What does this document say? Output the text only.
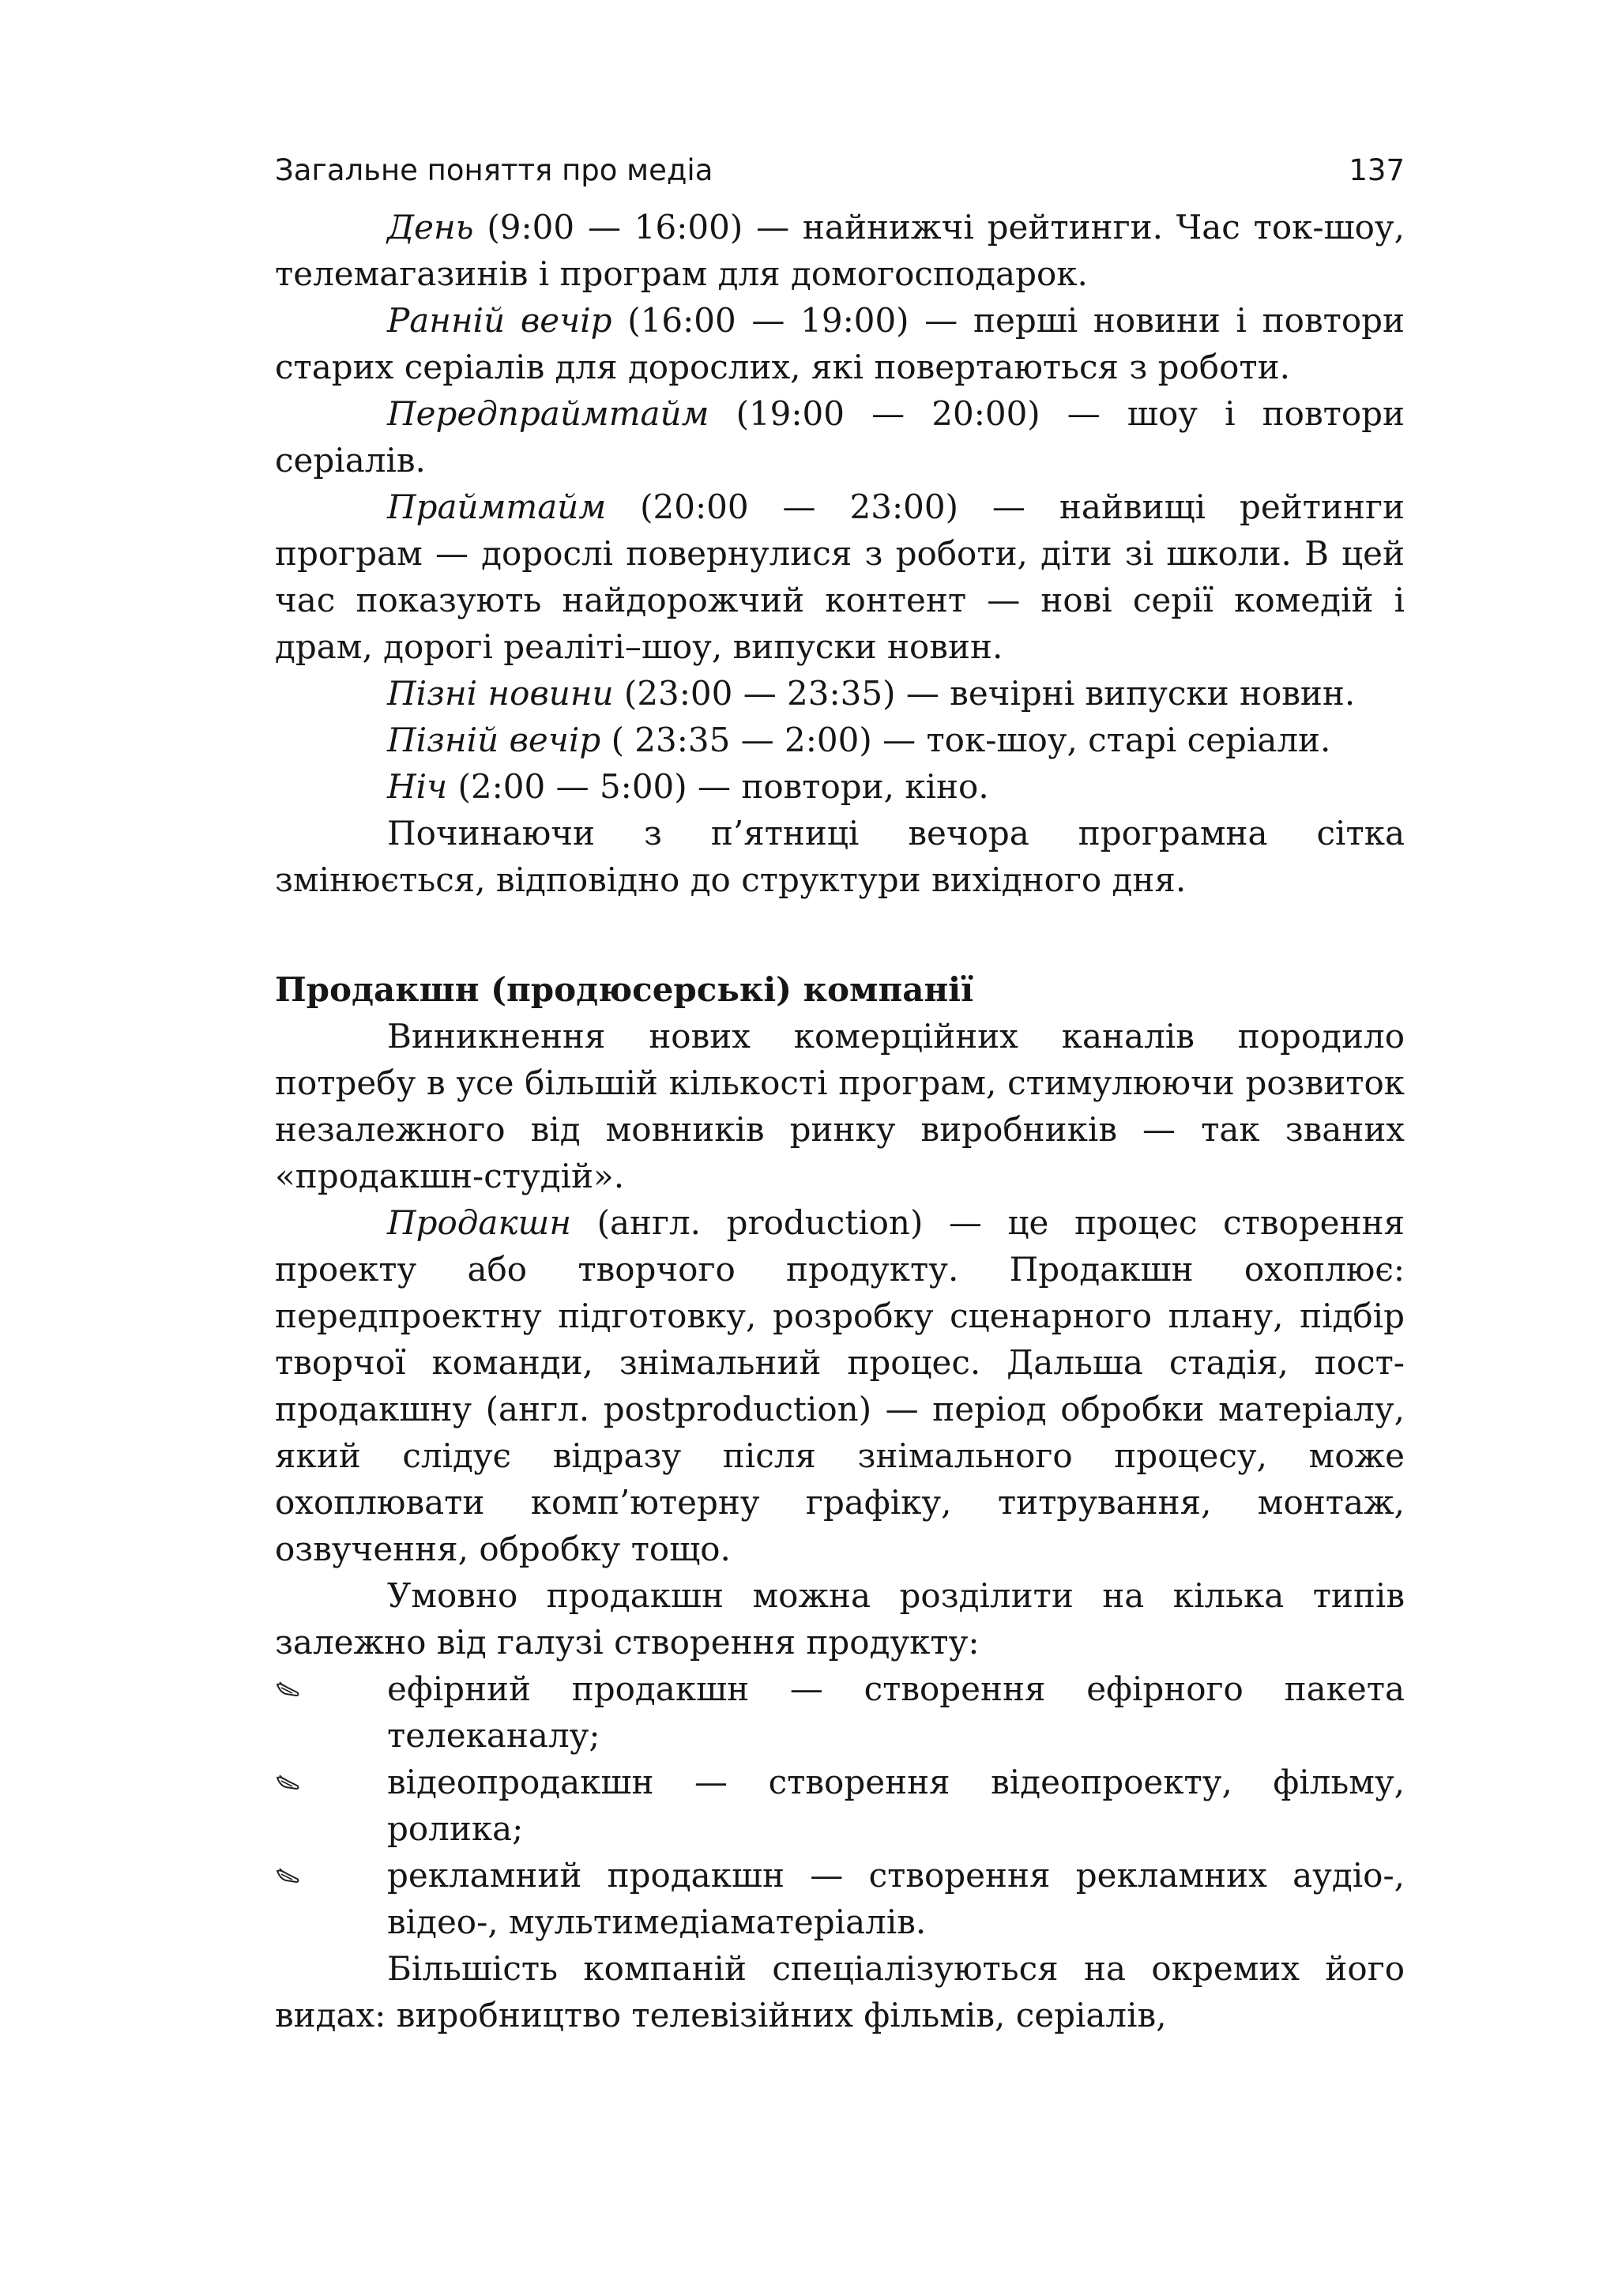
Загальне поняття про медіа	137

День (9:00 — 16:00) — найнижчі рейтинги. Час ток-шоу, телемагазинів і програм для домогосподарок.

Ранній вечір (16:00 — 19:00) — перші новини і повтори старих серіалів для дорослих, які повертаються з роботи.

Передпраймтайм (19:00 — 20:00) — шоу і повтори серіалів.

Праймтайм (20:00 — 23:00) — найвищі рейтинги програм — дорослі повернулися з роботи, діти зі школи. В цей час показують найдорожчий контент — нові серії комедій і драм, дорогі реаліті–шоу, випуски новин.

Пізні новини (23:00 — 23:35) — вечірні випуски новин.

Пізній вечір ( 23:35 — 2:00) — ток-шоу, старі серіали.

Ніч (2:00 — 5:00) — повтори, кіно.

Починаючи з п’ятниці вечора програмна сітка змінюється, відповідно до структури вихідного дня.

Продакшн (продюсерські) компанії

Виникнення нових комерційних каналів породило потребу в усе більшій кількості програм, стимулюючи розвиток незалежного від мовників ринку виробників — так званих «продакшн-студій».

Продакшн (англ. production) — це процес створення проекту або творчого продукту. Продакшн охоплює: передпроектну підготовку, розробку сценарного плану, підбір творчої команди, знімальний процес. Дальша стадія, пост-продакшну (англ. postproduction) — період обробки матеріалу, який слідує відразу після знімального процесу, може охоплювати комп’ютерну графіку, титрування, монтаж, озвучення, обробку тощо.

Умовно продакшн можна розділити на кілька типів залежно від галузі створення продукту:

ефірний продакшн — створення ефірного пакета телеканалу;
відеопродакшн — створення відеопроекту, фільму, ролика;
рекламний продакшн — створення рекламних аудіо-, відео-, мультимедіаматеріалів.

Більшість компаній спеціалізуються на окремих його видах: виробництво телевізійних фільмів, серіалів,
